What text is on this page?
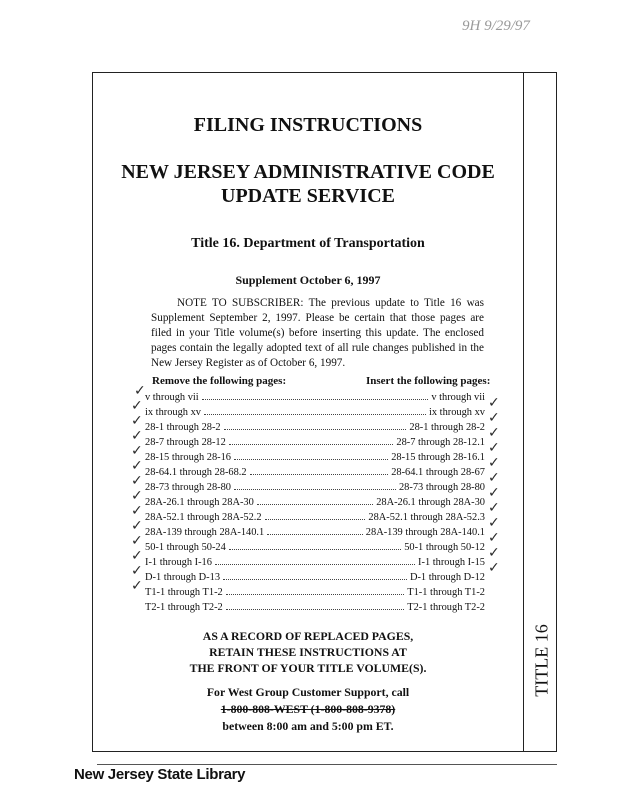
9H 9/29/97
TITLE 16
FILING INSTRUCTIONS
NEW JERSEY ADMINISTRATIVE CODE
UPDATE SERVICE
Title 16. Department of Transportation
Supplement October 6, 1997
NOTE TO SUBSCRIBER: The previous update to Title 16 was Supplement September 2, 1997. Please be certain that those pages are filed in your Title volume(s) before inserting this update. The enclosed pages contain the legally adopted text of all rule changes published in the New Jersey Register as of October 6, 1997.
Remove the following pages:	Insert the following pages:
v through vii	v through vii
ix through xv	ix through xv
28-1 through 28-2	28-1 through 28-2
28-7 through 28-12	28-7 through 28-12.1
28-15 through 28-16	28-15 through 28-16.1
28-64.1 through 28-68.2	28-64.1 through 28-67
28-73 through 28-80	28-73 through 28-80
28A-26.1 through 28A-30	28A-26.1 through 28A-30
28A-52.1 through 28A-52.2	28A-52.1 through 28A-52.3
28A-139 through 28A-140.1	28A-139 through 28A-140.1
50-1 through 50-24	50-1 through 50-12
I-1 through I-16	I-1 through I-15
D-1 through D-13	D-1 through D-12
T1-1 through T1-2	T1-1 through T1-2
T2-1 through T2-2	T2-1 through T2-2
✓
✓
✓
✓
✓
✓
✓
✓
✓
✓
✓
✓
✓
✓
✓
✓
✓
✓
✓
✓
✓
✓
✓
✓
✓
✓
AS A RECORD OF REPLACED PAGES,
RETAIN THESE INSTRUCTIONS AT
THE FRONT OF YOUR TITLE VOLUME(S).
For West Group Customer Support, call
1-800-808-WEST (1-800-808-9378)
between 8:00 am and 5:00 pm ET.
New Jersey State Library
